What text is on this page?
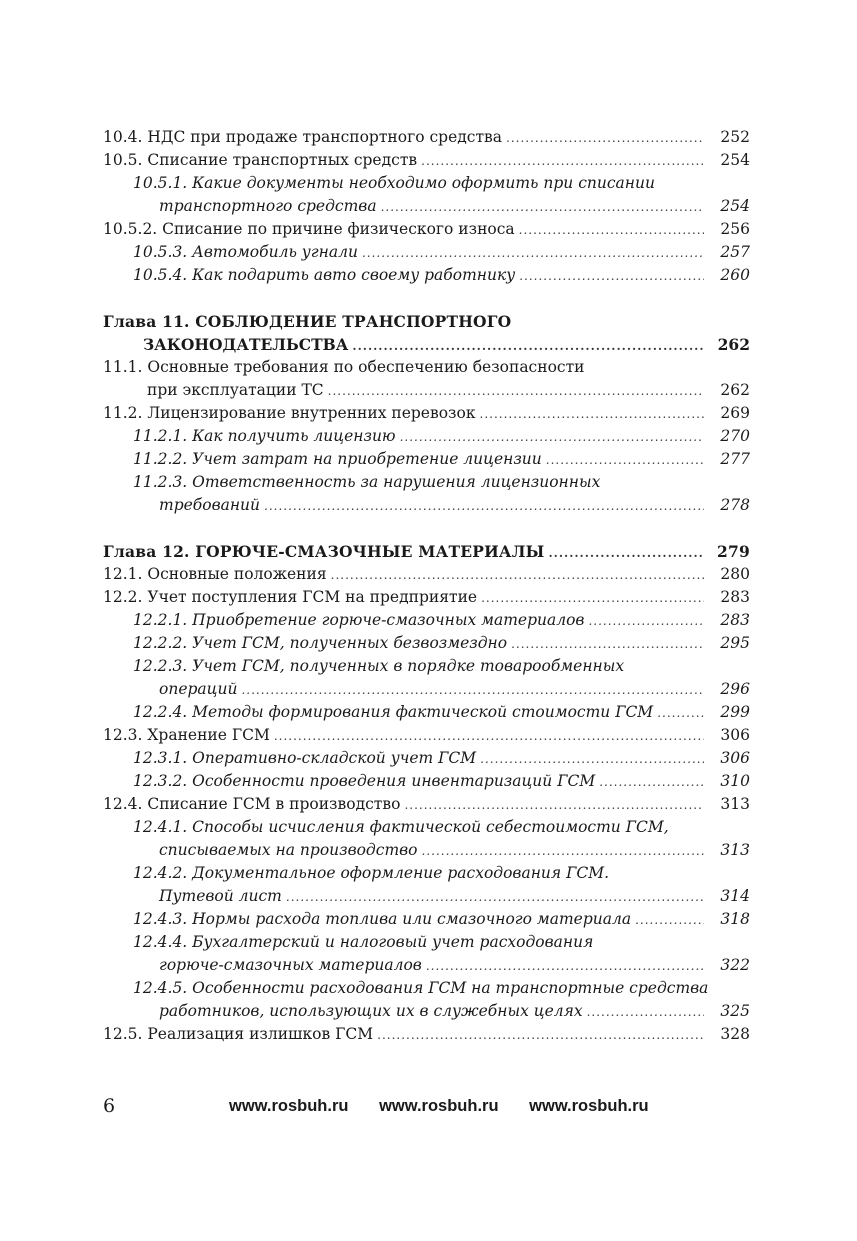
10.4. НДС при продаже транспортного средства .....	252
10.5. Списание транспортных средств .....	254
10.5.1. Какие документы необходимо оформить при списании
транспортного средства .....	254
10.5.2. Списание по причине физического износа .....	256
10.5.3. Автомобиль угнали .....	257
10.5.4. Как подарить авто своему работнику .....	260
Глава 11. СОБЛЮДЕНИЕ ТРАНСПОРТНОГО
ЗАКОНОДАТЕЛЬСТВА .....	262
11.1. Основные требования по обеспечению безопасности
при эксплуатации ТС .....	262
11.2. Лицензирование внутренних перевозок .....	269
11.2.1. Как получить лицензию .....	270
11.2.2. Учет затрат на приобретение лицензии .....	277
11.2.3. Ответственность за нарушения лицензионных
требований .....	278
Глава 12. ГОРЮЧЕ-СМАЗОЧНЫЕ МАТЕРИАЛЫ .....	279
12.1. Основные положения .....	280
12.2. Учет поступления ГСМ на предприятие .....	283
12.2.1. Приобретение горюче-смазочных материалов .....	283
12.2.2. Учет ГСМ, полученных безвозмездно .....	295
12.2.3. Учет ГСМ, полученных в порядке товарообменных
операций .....	296
12.2.4. Методы формирования фактической стоимости ГСМ .....	299
12.3. Хранение ГСМ .....	306
12.3.1. Оперативно-складской учет ГСМ .....	306
12.3.2. Особенности проведения инвентаризаций ГСМ .....	310
12.4. Списание ГСМ в производство .....	313
12.4.1. Способы исчисления фактической себестоимости ГСМ,
списываемых на производство .....	313
12.4.2. Документальное оформление расходования ГСМ.
Путевой лист .....	314
12.4.3. Нормы расхода топлива или смазочного материала .....	318
12.4.4. Бухгалтерский и налоговый учет расходования
горюче-смазочных материалов .....	322
12.4.5. Особенности расходования ГСМ на транспортные средства
работников, использующих их в служебных целях .....	325
12.5. Реализация излишков ГСМ .....	328
6	www.rosbuh.ru www.rosbuh.ru www.rosbuh.ru
